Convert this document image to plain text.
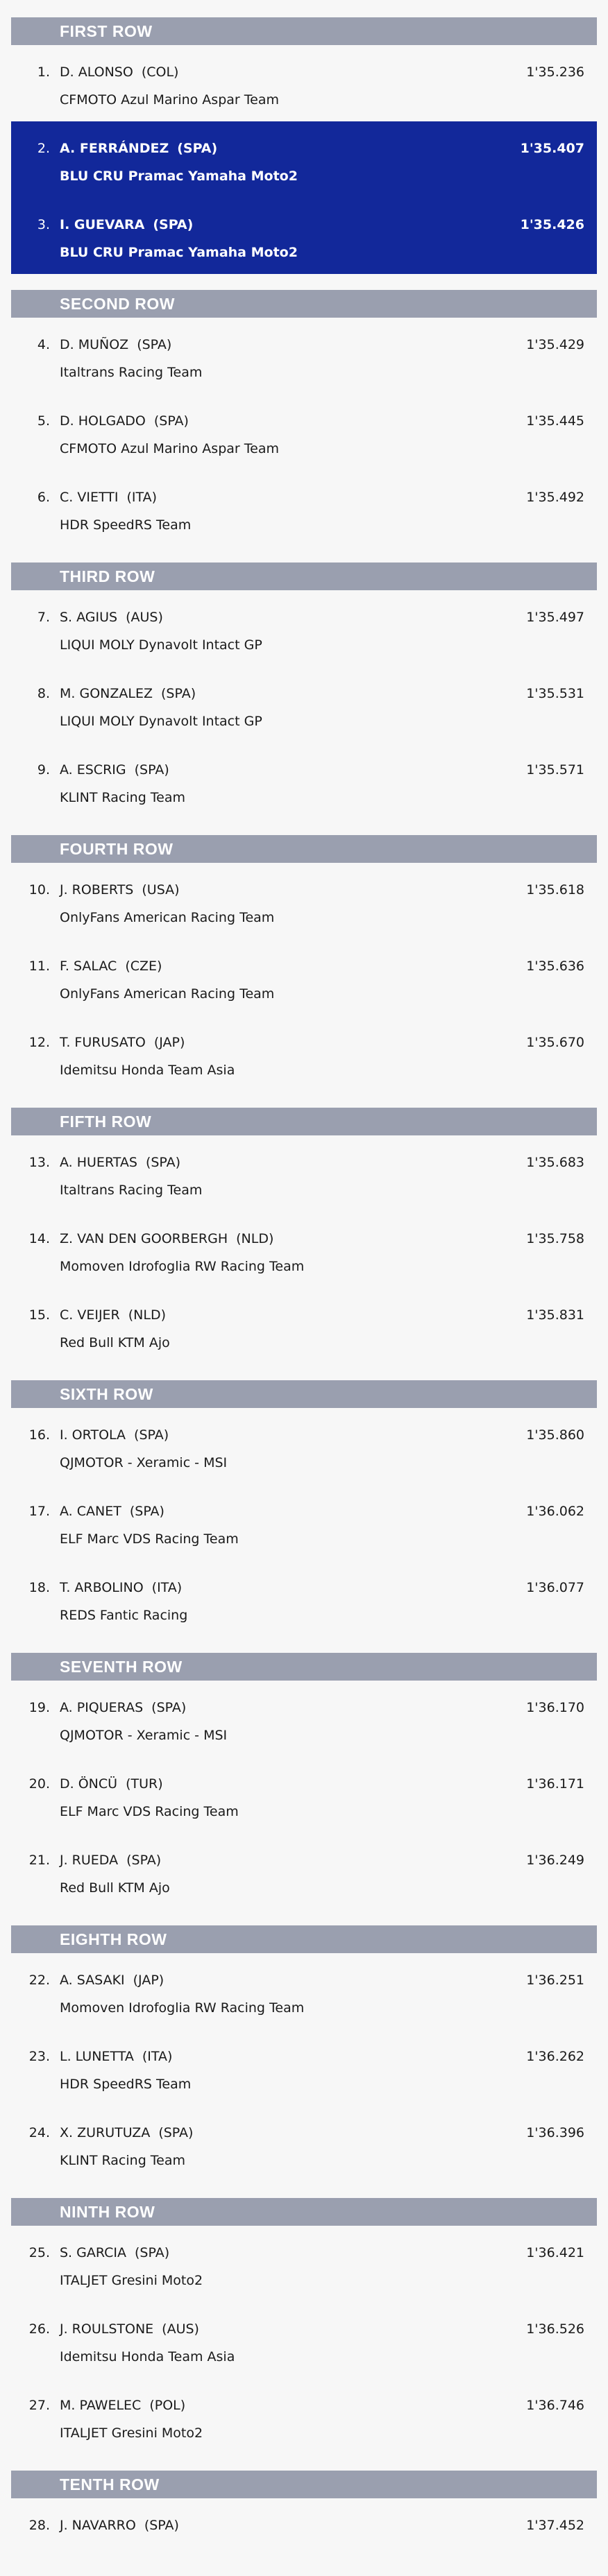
FIRST ROW
1. D. ALONSO (COL)
CFMOTO Azul Marino Aspar Team
1'35.236
2. A. FERRÁNDEZ (SPA)
BLU CRU Pramac Yamaha Moto2
1'35.407
3. I. GUEVARA (SPA)
BLU CRU Pramac Yamaha Moto2
1'35.426
SECOND ROW
4. D. MUÑOZ (SPA)
Italtrans Racing Team
1'35.429
5. D. HOLGADO (SPA)
CFMOTO Azul Marino Aspar Team
1'35.445
6. C. VIETTI (ITA)
HDR SpeedRS Team
1'35.492
THIRD ROW
7. S. AGIUS (AUS)
LIQUI MOLY Dynavolt Intact GP
1'35.497
8. M. GONZALEZ (SPA)
LIQUI MOLY Dynavolt Intact GP
1'35.531
9. A. ESCRIG (SPA)
KLINT Racing Team
1'35.571
FOURTH ROW
10. J. ROBERTS (USA)
OnlyFans American Racing Team
1'35.618
11. F. SALAC (CZE)
OnlyFans American Racing Team
1'35.636
12. T. FURUSATO (JAP)
Idemitsu Honda Team Asia
1'35.670
FIFTH ROW
13. A. HUERTAS (SPA)
Italtrans Racing Team
1'35.683
14. Z. VAN DEN GOORBERGH (NLD)
Momoven Idrofoglia RW Racing Team
1'35.758
15. C. VEIJER (NLD)
Red Bull KTM Ajo
1'35.831
SIXTH ROW
16. I. ORTOLA (SPA)
QJMOTOR - Xeramic - MSI
1'35.860
17. A. CANET (SPA)
ELF Marc VDS Racing Team
1'36.062
18. T. ARBOLINO (ITA)
REDS Fantic Racing
1'36.077
SEVENTH ROW
19. A. PIQUERAS (SPA)
QJMOTOR - Xeramic - MSI
1'36.170
20. D. ÖNCÜ (TUR)
ELF Marc VDS Racing Team
1'36.171
21. J. RUEDA (SPA)
Red Bull KTM Ajo
1'36.249
EIGHTH ROW
22. A. SASAKI (JAP)
Momoven Idrofoglia RW Racing Team
1'36.251
23. L. LUNETTA (ITA)
HDR SpeedRS Team
1'36.262
24. X. ZURUTUZA (SPA)
KLINT Racing Team
1'36.396
NINTH ROW
25. S. GARCIA (SPA)
ITALJET Gresini Moto2
1'36.421
26. J. ROULSTONE (AUS)
Idemitsu Honda Team Asia
1'36.526
27. M. PAWELEC (POL)
ITALJET Gresini Moto2
1'36.746
TENTH ROW
28. J. NAVARRO (SPA)	1'37.452
